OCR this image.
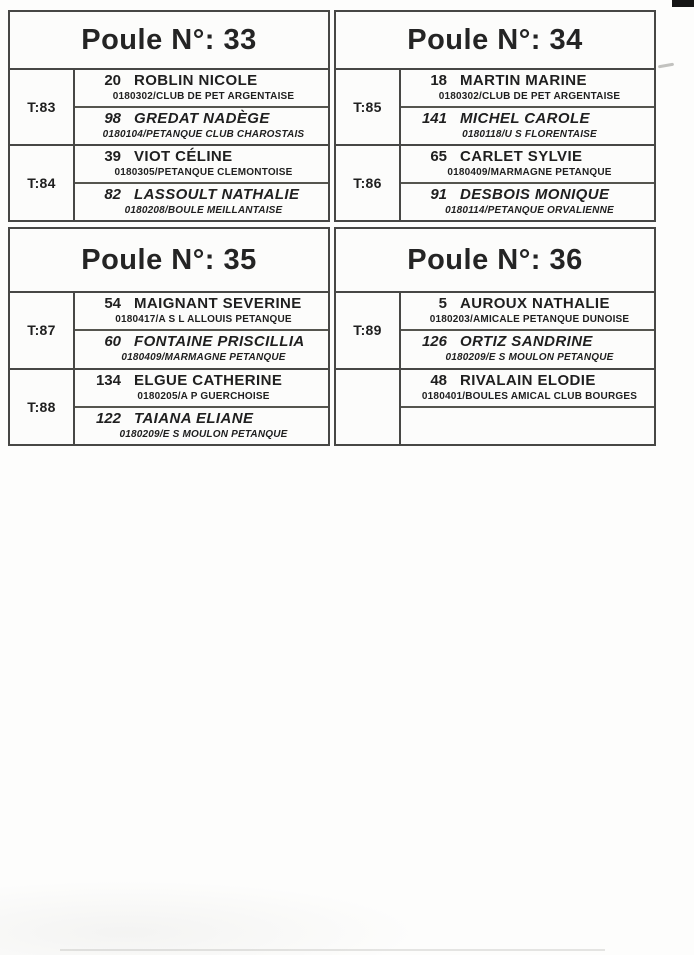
Poule N°: 33
T:83
20 ROBLIN NICOLE
0180302/CLUB DE PET ARGENTAISE
98 GREDAT NADÈGE
0180104/PETANQUE CLUB CHAROSTAIS
T:84
39 VIOT CÉLINE
0180305/PETANQUE CLEMONTOISE
82 LASSOULT NATHALIE
0180208/BOULE MEILLANTAISE
Poule N°: 34
T:85
18 MARTIN MARINE
0180302/CLUB DE PET ARGENTAISE
141 MICHEL CAROLE
0180118/U S FLORENTAISE
T:86
65 CARLET SYLVIE
0180409/MARMAGNE PETANQUE
91 DESBOIS MONIQUE
0180114/PETANQUE ORVALIENNE
Poule N°: 35
T:87
54 MAIGNANT SEVERINE
0180417/A S L ALLOUIS PETANQUE
60 FONTAINE PRISCILLIA
0180409/MARMAGNE PETANQUE
T:88
134 ELGUE CATHERINE
0180205/A P GUERCHOISE
122 TAIANA ELIANE
0180209/E S MOULON PETANQUE
Poule N°: 36
T:89
5 AUROUX NATHALIE
0180203/AMICALE PETANQUE DUNOISE
126 ORTIZ SANDRINE
0180209/E S MOULON PETANQUE
48 RIVALAIN ELODIE
0180401/BOULES AMICAL CLUB BOURGES
